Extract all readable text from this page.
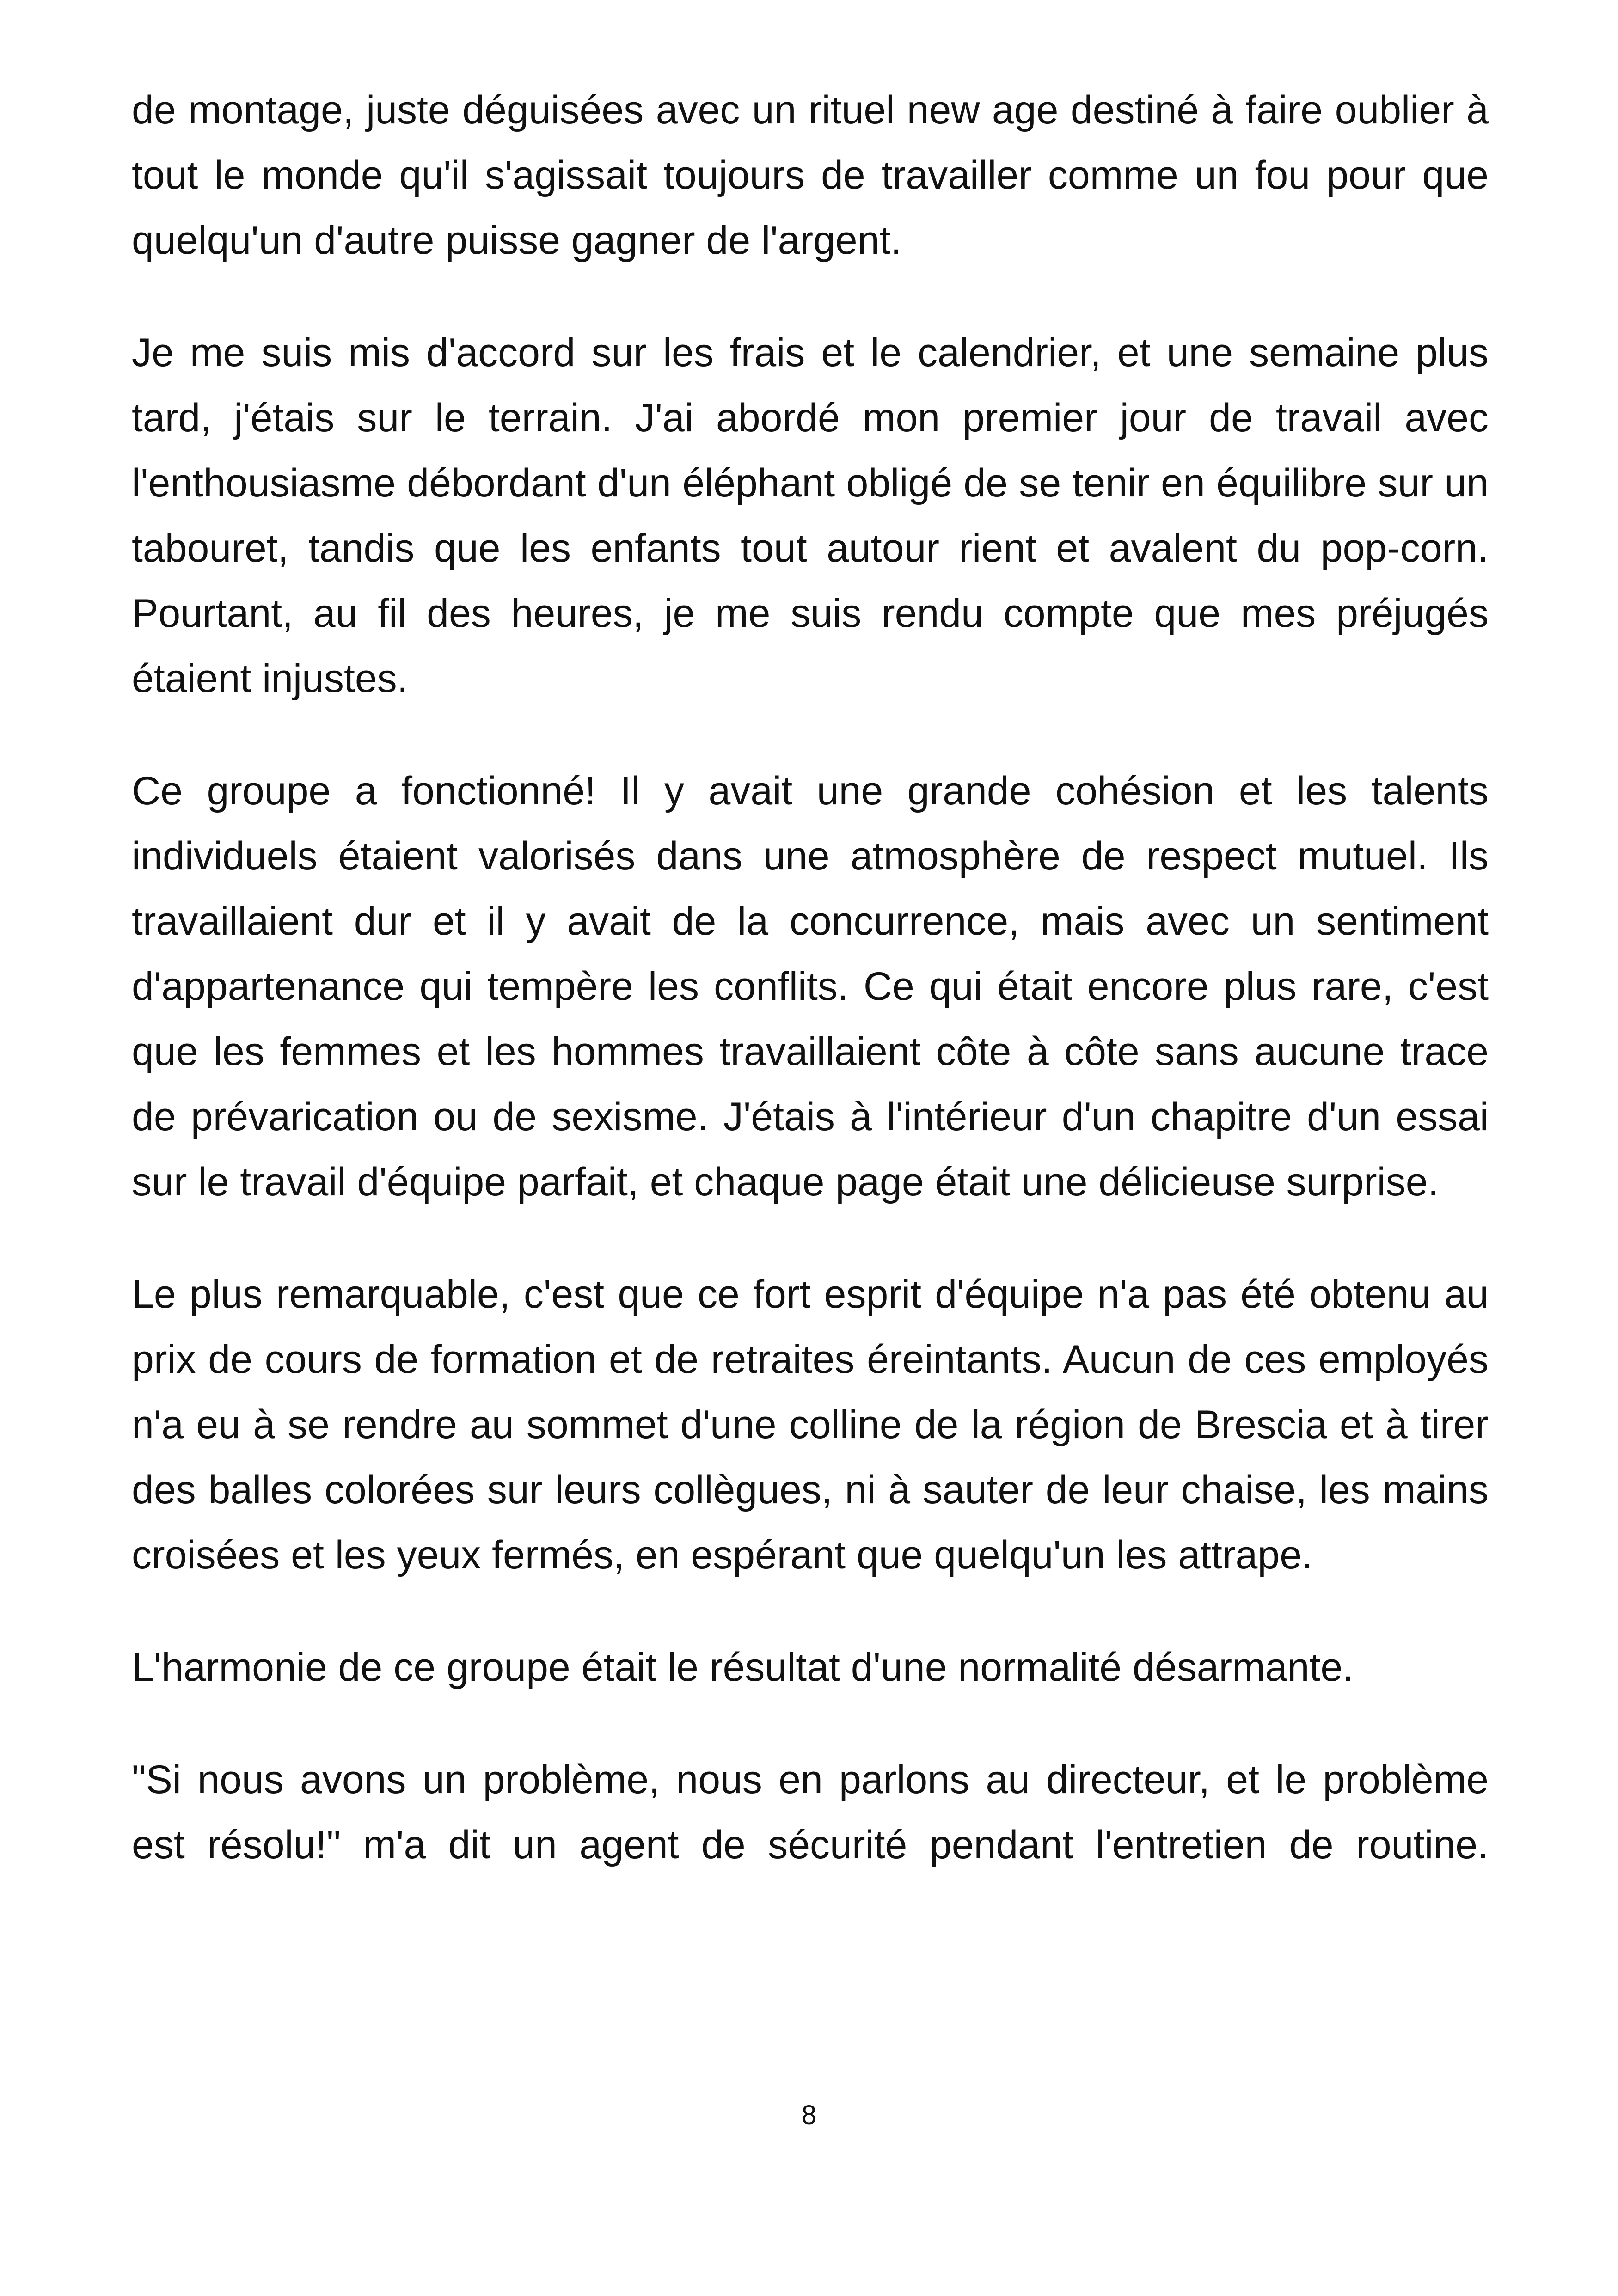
de montage, juste déguisées avec un rituel new age destiné à faire oublier à tout le monde qu'il s'agissait toujours de travailler comme un fou pour que quelqu'un d'autre puisse gagner de l'argent.

Je me suis mis d'accord sur les frais et le calendrier, et une semaine plus tard, j'étais sur le terrain. J'ai abordé mon premier jour de travail avec l'enthousiasme débordant d'un éléphant obligé de se tenir en équilibre sur un tabouret, tandis que les enfants tout autour rient et avalent du pop-corn. Pourtant, au fil des heures, je me suis rendu compte que mes préjugés étaient injustes.

Ce groupe a fonctionné! Il y avait une grande cohésion et les talents individuels étaient valorisés dans une atmosphère de respect mutuel. Ils travaillaient dur et il y avait de la concurrence, mais avec un sentiment d'appartenance qui tempère les conflits. Ce qui était encore plus rare, c'est que les femmes et les hommes travaillaient côte à côte sans aucune trace de prévarication ou de sexisme. J'étais à l'intérieur d'un chapitre d'un essai sur le travail d'équipe parfait, et chaque page était une délicieuse surprise.

Le plus remarquable, c'est que ce fort esprit d'équipe n'a pas été obtenu au prix de cours de formation et de retraites éreintants. Aucun de ces employés n'a eu à se rendre au sommet d'une colline de la région de Brescia et à tirer des balles colorées sur leurs collègues, ni à sauter de leur chaise, les mains croisées et les yeux fermés, en espérant que quelqu'un les attrape.

L'harmonie de ce groupe était le résultat d'une normalité désarmante.

"Si nous avons un problème, nous en parlons au directeur, et le problème est résolu!" m'a dit un agent de sécurité pendant l'entretien de routine.

8
